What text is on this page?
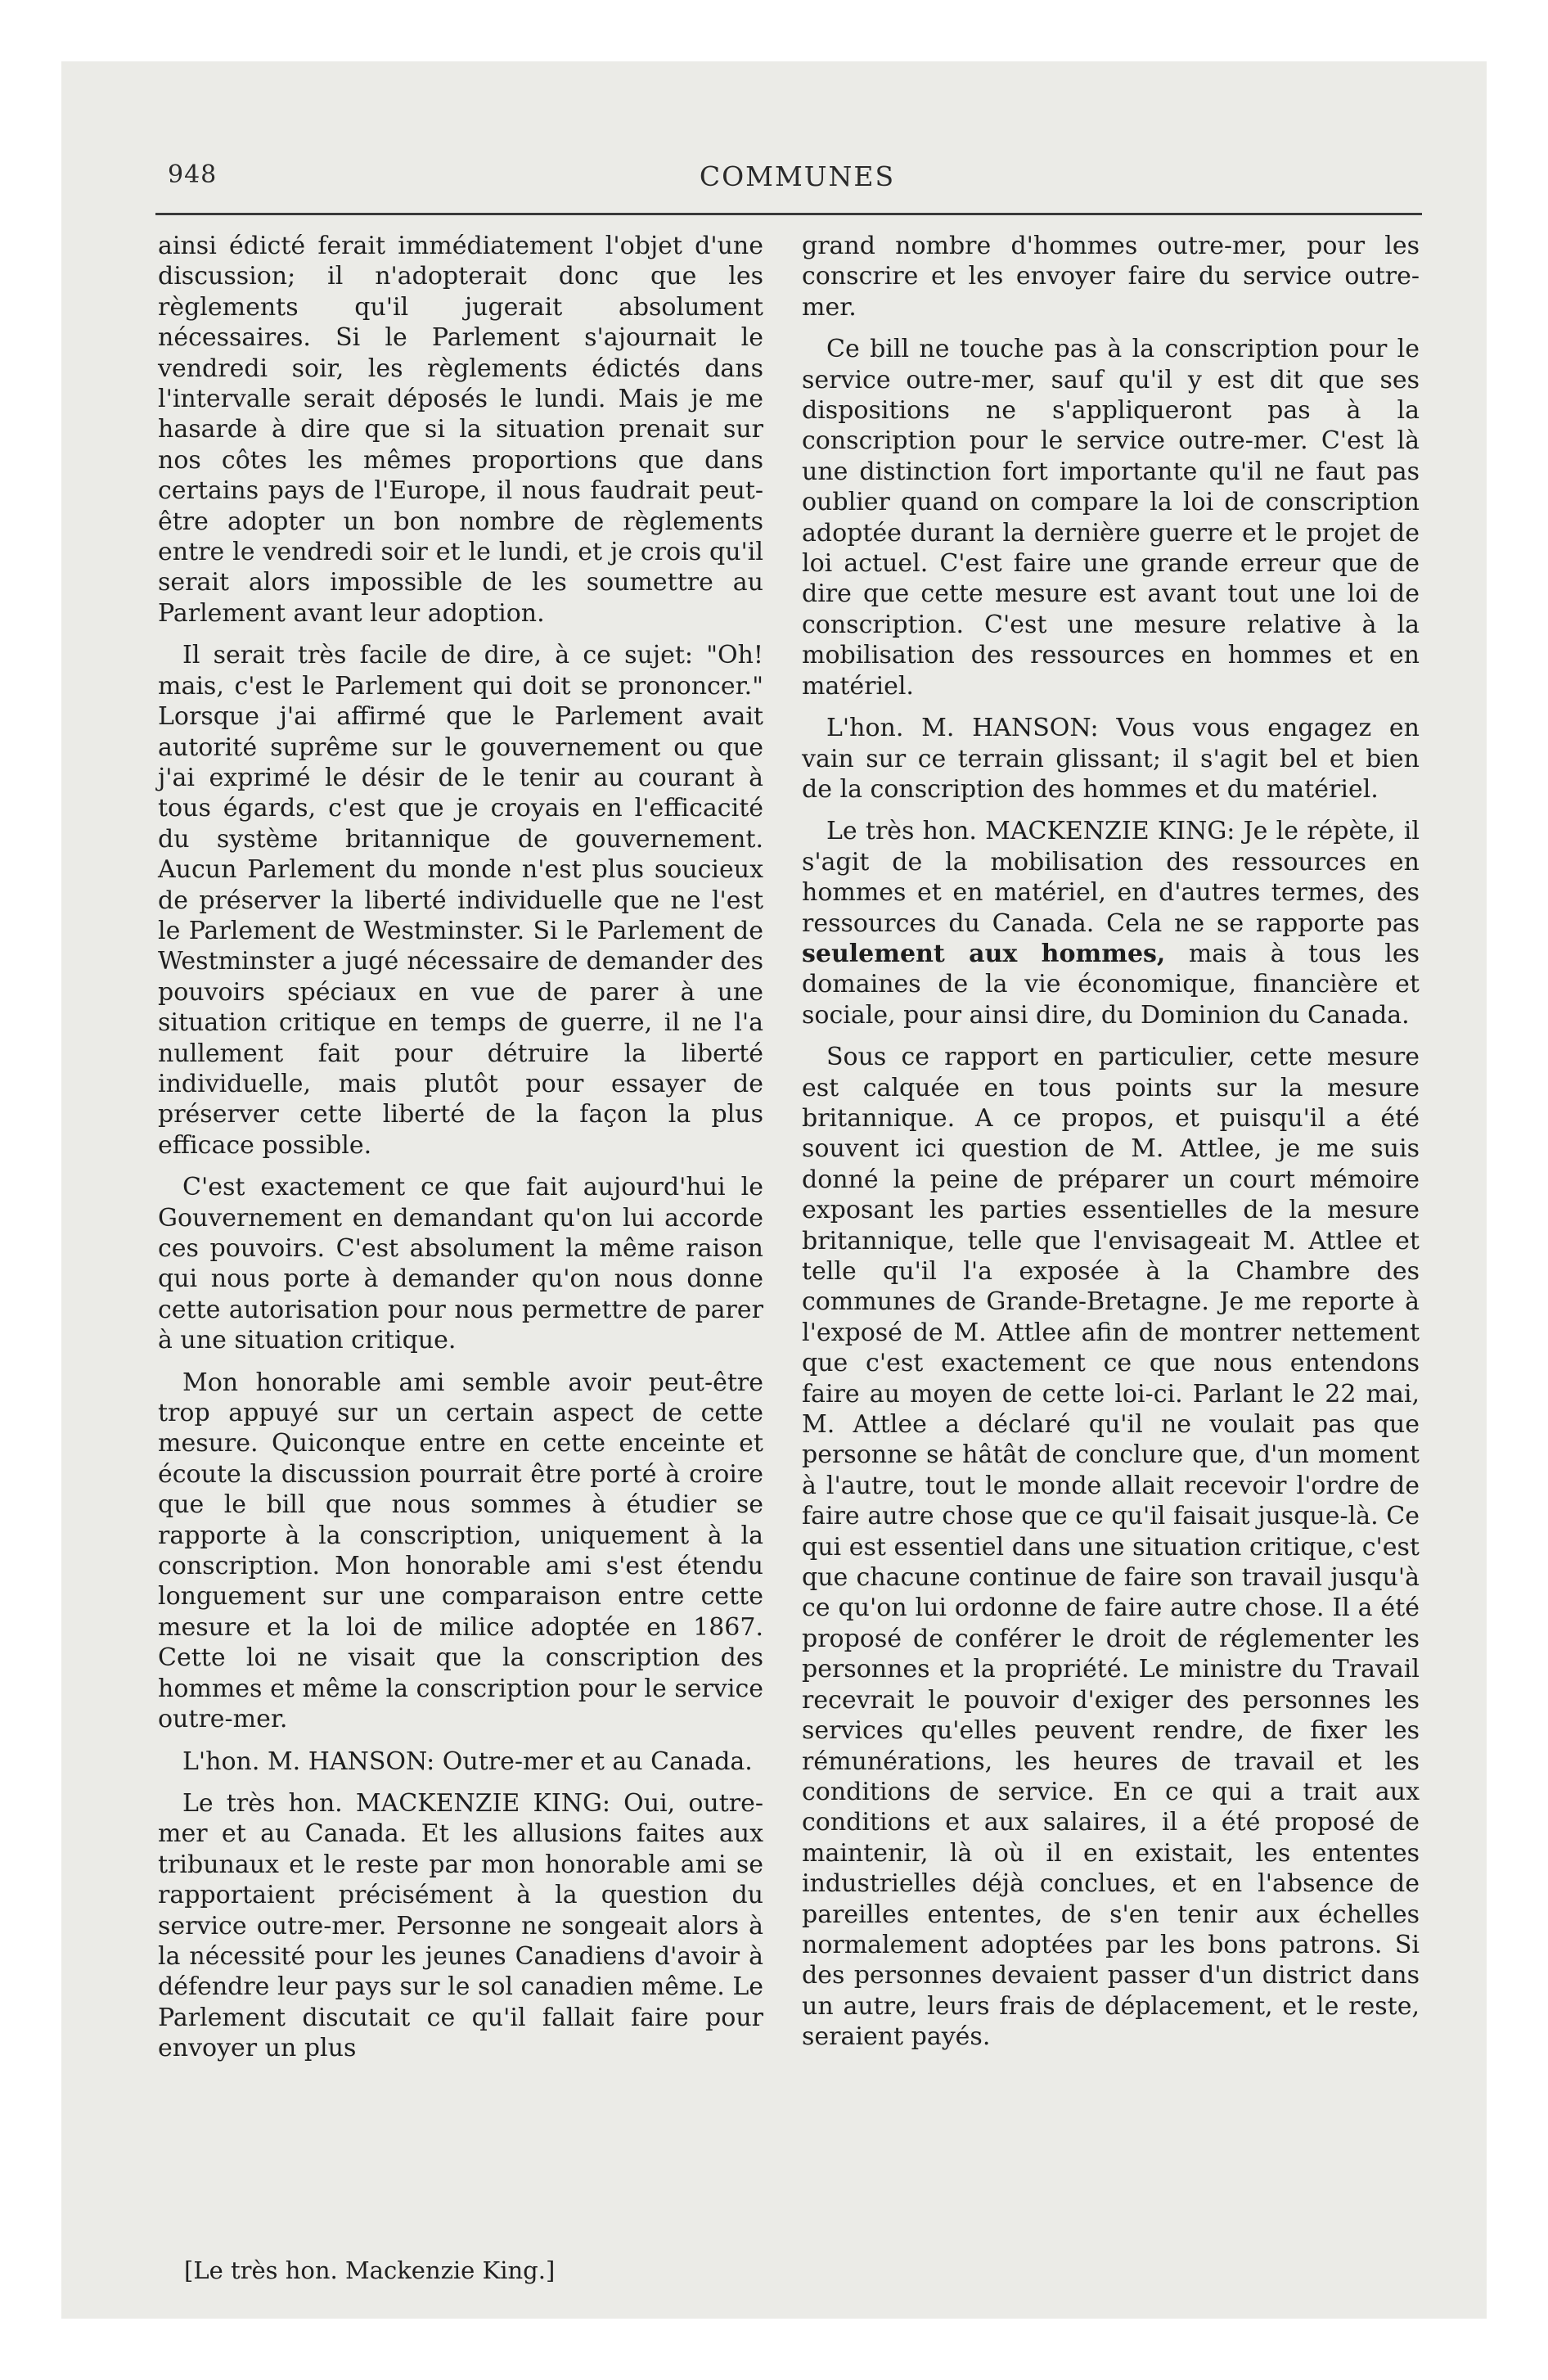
948	COMMUNES

ainsi édicté ferait immédiatement l'objet d'une discussion; il n'adopterait donc que les règlements qu'il jugerait absolument nécessaires. Si le Parlement s'ajournait le vendredi soir, les règlements édictés dans l'intervalle serait déposés le lundi. Mais je me hasarde à dire que si la situation prenait sur nos côtes les mêmes proportions que dans certains pays de l'Europe, il nous faudrait peut-être adopter un bon nombre de règlements entre le vendredi soir et le lundi, et je crois qu'il serait alors impossible de les soumettre au Parlement avant leur adoption.

Il serait très facile de dire, à ce sujet: "Oh! mais, c'est le Parlement qui doit se prononcer." Lorsque j'ai affirmé que le Parlement avait autorité suprême sur le gouvernement ou que j'ai exprimé le désir de le tenir au courant à tous égards, c'est que je croyais en l'efficacité du système britannique de gouvernement. Aucun Parlement du monde n'est plus soucieux de préserver la liberté individuelle que ne l'est le Parlement de Westminster. Si le Parlement de Westminster a jugé nécessaire de demander des pouvoirs spéciaux en vue de parer à une situation critique en temps de guerre, il ne l'a nullement fait pour détruire la liberté individuelle, mais plutôt pour essayer de préserver cette liberté de la façon la plus efficace possible.

C'est exactement ce que fait aujourd'hui le Gouvernement en demandant qu'on lui accorde ces pouvoirs. C'est absolument la même raison qui nous porte à demander qu'on nous donne cette autorisation pour nous permettre de parer à une situation critique.

Mon honorable ami semble avoir peut-être trop appuyé sur un certain aspect de cette mesure. Quiconque entre en cette enceinte et écoute la discussion pourrait être porté à croire que le bill que nous sommes à étudier se rapporte à la conscription, uniquement à la conscription. Mon honorable ami s'est étendu longuement sur une comparaison entre cette mesure et la loi de milice adoptée en 1867. Cette loi ne visait que la conscription des hommes et même la conscription pour le service outre-mer.

L'hon. M. HANSON: Outre-mer et au Canada.

Le très hon. MACKENZIE KING: Oui, outre-mer et au Canada. Et les allusions faites aux tribunaux et le reste par mon honorable ami se rapportaient précisément à la question du service outre-mer. Personne ne songeait alors à la nécessité pour les jeunes Canadiens d'avoir à défendre leur pays sur le sol canadien même. Le Parlement discutait ce qu'il fallait faire pour envoyer un plus

grand nombre d'hommes outre-mer, pour les conscrire et les envoyer faire du service outre-mer.

Ce bill ne touche pas à la conscription pour le service outre-mer, sauf qu'il y est dit que ses dispositions ne s'appliqueront pas à la conscription pour le service outre-mer. C'est là une distinction fort importante qu'il ne faut pas oublier quand on compare la loi de conscription adoptée durant la dernière guerre et le projet de loi actuel. C'est faire une grande erreur que de dire que cette mesure est avant tout une loi de conscription. C'est une mesure relative à la mobilisation des ressources en hommes et en matériel.

L'hon. M. HANSON: Vous vous engagez en vain sur ce terrain glissant; il s'agit bel et bien de la conscription des hommes et du matériel.

Le très hon. MACKENZIE KING: Je le répète, il s'agit de la mobilisation des ressources en hommes et en matériel, en d'autres termes, des ressources du Canada. Cela ne se rapporte pas seulement aux hommes, mais à tous les domaines de la vie économique, financière et sociale, pour ainsi dire, du Dominion du Canada.

Sous ce rapport en particulier, cette mesure est calquée en tous points sur la mesure britannique. A ce propos, et puisqu'il a été souvent ici question de M. Attlee, je me suis donné la peine de préparer un court mémoire exposant les parties essentielles de la mesure britannique, telle que l'envisageait M. Attlee et telle qu'il l'a exposée à la Chambre des communes de Grande-Bretagne. Je me reporte à l'exposé de M. Attlee afin de montrer nettement que c'est exactement ce que nous entendons faire au moyen de cette loi-ci. Parlant le 22 mai, M. Attlee a déclaré qu'il ne voulait pas que personne se hâtât de conclure que, d'un moment à l'autre, tout le monde allait recevoir l'ordre de faire autre chose que ce qu'il faisait jusque-là. Ce qui est essentiel dans une situation critique, c'est que chacune continue de faire son travail jusqu'à ce qu'on lui ordonne de faire autre chose. Il a été proposé de conférer le droit de réglementer les personnes et la propriété. Le ministre du Travail recevrait le pouvoir d'exiger des personnes les services qu'elles peuvent rendre, de fixer les rémunérations, les heures de travail et les conditions de service. En ce qui a trait aux conditions et aux salaires, il a été proposé de maintenir, là où il en existait, les ententes industrielles déjà conclues, et en l'absence de pareilles ententes, de s'en tenir aux échelles normalement adoptées par les bons patrons. Si des personnes devaient passer d'un district dans un autre, leurs frais de déplacement, et le reste, seraient payés.

[Le très hon. Mackenzie King.]
